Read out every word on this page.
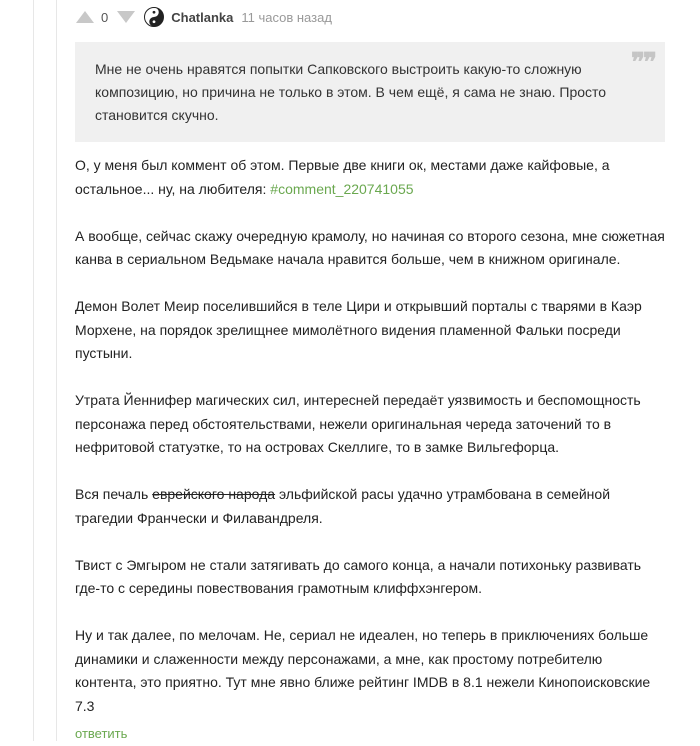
0	Chatlanka 11 часов назад
❞❞
Мне не очень нравятся попытки Сапковского выстроить какую-то сложную композицию, но причина не только в этом. В чем ещё, я сама не знаю. Просто становится скучно.

О, у меня был коммент об этом. Первые две книги ок, местами даже кайфовые, а остальное... ну, на любителя: #comment_220741055

А вообще, сейчас скажу очередную крамолу, но начиная со второго сезона, мне сюжетная канва в сериальном Ведьмаке начала нравится больше, чем в книжном оригинале.

Демон Волет Меир поселившийся в теле Цири и открывший порталы с тварями в Каэр Морхене, на порядок зрелищнее мимолётного видения пламенной Фальки посреди пустыни.

Утрата Йеннифер магических сил, интересней передаёт уязвимость и беспомощность персонажа перед обстоятельствами, нежели оригинальная череда заточений то в нефритовой статуэтке, то на островах Скеллиге, то в замке Вильгефорца.

Вся печаль еврейского народа эльфийской расы удачно утрамбована в семейной трагедии Франчески и Филавандреля.

Твист с Эмгыром не стали затягивать до самого конца, а начали потихоньку развивать где-то с середины повествования грамотным клиффхэнгером.

Ну и так далее, по мелочам. Не, сериал не идеален, но теперь в приключениях больше динамики и слаженности между персонажами, а мне, как простому потребителю контента, это приятно. Тут мне явно ближе рейтинг IMDB в 8.1 нежели Кинопоисковские 7.3

ответить
